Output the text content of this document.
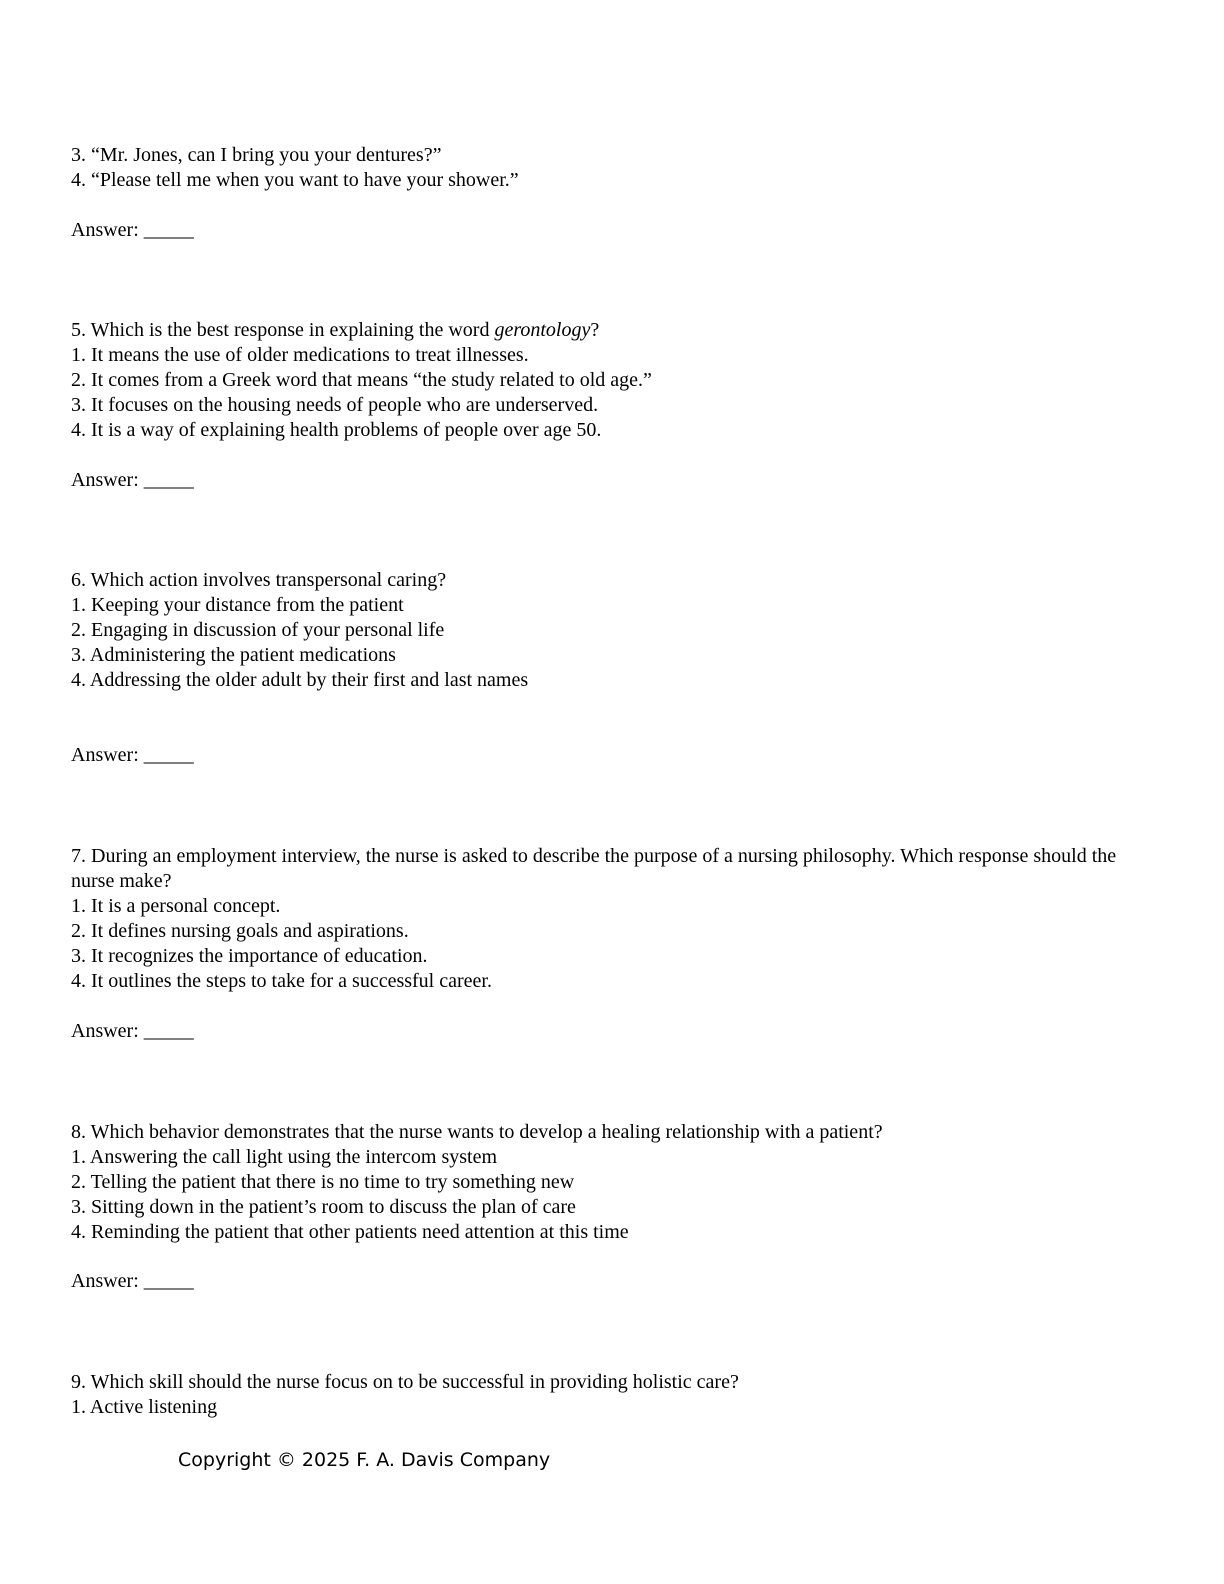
3. “Mr. Jones, can I bring you your dentures?”
4. “Please tell me when you want to have your shower.”
Answer: _____
5. Which is the best response in explaining the word gerontology?
1. It means the use of older medications to treat illnesses.
2. It comes from a Greek word that means “the study related to old age.”
3. It focuses on the housing needs of people who are underserved.
4. It is a way of explaining health problems of people over age 50.
Answer: _____
6. Which action involves transpersonal caring?
1. Keeping your distance from the patient
2. Engaging in discussion of your personal life
3. Administering the patient medications
4. Addressing the older adult by their first and last names
Answer: _____
7. During an employment interview, the nurse is asked to describe the purpose of a nursing philosophy. Which response should the nurse make?
1. It is a personal concept.
2. It defines nursing goals and aspirations.
3. It recognizes the importance of education.
4. It outlines the steps to take for a successful career.
Answer: _____
8. Which behavior demonstrates that the nurse wants to develop a healing relationship with a patient?
1. Answering the call light using the intercom system
2. Telling the patient that there is no time to try something new
3. Sitting down in the patient’s room to discuss the plan of care
4. Reminding the patient that other patients need attention at this time
Answer: _____
9. Which skill should the nurse focus on to be successful in providing holistic care?
1. Active listening
Copyright © 2025 F. A. Davis Company
